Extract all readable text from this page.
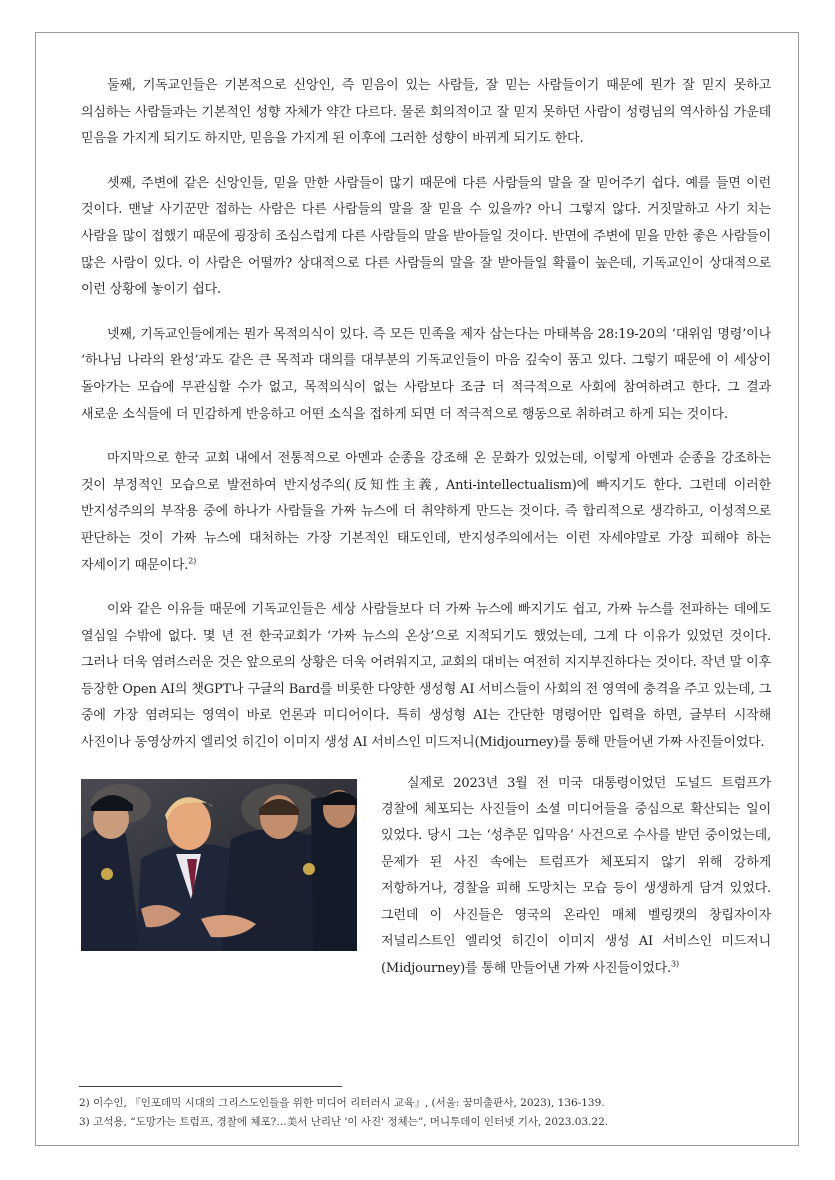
둘째, 기독교인들은 기본적으로 신앙인, 즉 믿음이 있는 사람들, 잘 믿는 사람들이기 때문에 뭔가 잘 믿지 못하고 의심하는 사람들과는 기본적인 성향 자체가 약간 다르다. 물론 회의적이고 잘 믿지 못하던 사람이 성령님의 역사하심 가운데 믿음을 가지게 되기도 하지만, 믿음을 가지게 된 이후에 그러한 성향이 바뀌게 되기도 한다.

셋째, 주변에 같은 신앙인들, 믿을 만한 사람들이 많기 때문에 다른 사람들의 말을 잘 믿어주기 쉽다. 예를 들면 이런 것이다. 맨날 사기꾼만 접하는 사람은 다른 사람들의 말을 잘 믿을 수 있을까? 아니 그렇지 않다. 거짓말하고 사기 치는 사람을 많이 접했기 때문에 굉장히 조심스럽게 다른 사람들의 말을 받아들일 것이다. 반면에 주변에 믿을 만한 좋은 사람들이 많은 사람이 있다. 이 사람은 어떨까? 상대적으로 다른 사람들의 말을 잘 받아들일 확률이 높은데, 기독교인이 상대적으로 이런 상황에 놓이기 쉽다.

넷째, 기독교인들에게는 뭔가 목적의식이 있다. 즉 모든 민족을 제자 삼는다는 마태복음 28:19-20의 ‘대위임 명령’이나 ‘하나님 나라의 완성’과도 같은 큰 목적과 대의를 대부분의 기독교인들이 마음 깊숙이 품고 있다. 그렇기 때문에 이 세상이 돌아가는 모습에 무관심할 수가 없고, 목적의식이 없는 사람보다 조금 더 적극적으로 사회에 참여하려고 한다. 그 결과 새로운 소식들에 더 민감하게 반응하고 어떤 소식을 접하게 되면 더 적극적으로 행동으로 취하려고 하게 되는 것이다.

마지막으로 한국 교회 내에서 전통적으로 아멘과 순종을 강조해 온 문화가 있었는데, 이렇게 아멘과 순종을 강조하는 것이 부정적인 모습으로 발전하여 반지성주의(反知性主義, Anti-intellectualism)에 빠지기도 한다. 그런데 이러한 반지성주의의 부작용 중에 하나가 사람들을 가짜 뉴스에 더 취약하게 만드는 것이다. 즉 합리적으로 생각하고, 이성적으로 판단하는 것이 가짜 뉴스에 대처하는 가장 기본적인 태도인데, 반지성주의에서는 이런 자세야말로 가장 피해야 하는 자세이기 때문이다.$^{2)}$

이와 같은 이유들 때문에 기독교인들은 세상 사람들보다 더 가짜 뉴스에 빠지기도 쉽고, 가짜 뉴스를 전파하는 데에도 열심일 수밖에 없다. 몇 년 전 한국교회가 ‘가짜 뉴스의 온상’으로 지적되기도 했었는데, 그게 다 이유가 있었던 것이다. 그러나 더욱 염려스러운 것은 앞으로의 상황은 더욱 어려워지고, 교회의 대비는 여전히 지지부진하다는 것이다. 작년 말 이후 등장한 Open AI의 챗GPT나 구글의 Bard를 비롯한 다양한 생성형 AI 서비스들이 사회의 전 영역에 충격을 주고 있는데, 그 중에 가장 염려되는 영역이 바로 언론과 미디어이다. 특히 생성형 AI는 간단한 명령어만 입력을 하면, 글부터 시작해 사진이나 동영상까지 엘리엇 히긴이 이미지 생성 AI 서비스인 미드저니(Midjourney)를 통해 만들어낸 가짜 사진들이었다.

실제로 2023년 3월 전 미국 대통령이었던 도널드 트럼프가 경찰에 체포되는 사진들이 소셜 미디어들을 중심으로 확산되는 일이 있었다. 당시 그는 ‘성추문 입막음’ 사건으로 수사를 받던 중이었는데, 문제가 된 사진 속에는 트럼프가 체포되지 않기 위해 강하게 저항하거나, 경찰을 피해 도망치는 모습 등이 생생하게 담겨 있었다. 그런데 이 사진들은 영국의 온라인 매체 벨링캣의 창립자이자 저널리스트인 엘리엇 히긴이 이미지 생성 AI 서비스인 미드저니(Midjourney)를 통해 만들어낸 가짜 사진들이었다.$^{3)}$

2) 이수인, 『인포데믹 시대의 그리스도인들을 위한 미디어 리터러시 교육』, (서울: 꿈미출판사, 2023), 136-139.

3) 고석용, “도망가는 트럼프, 경찰에 체포?…美서 난리난 '이 사진' 정체는”, 머니투데이 인터넷 기사, 2023.03.22.
